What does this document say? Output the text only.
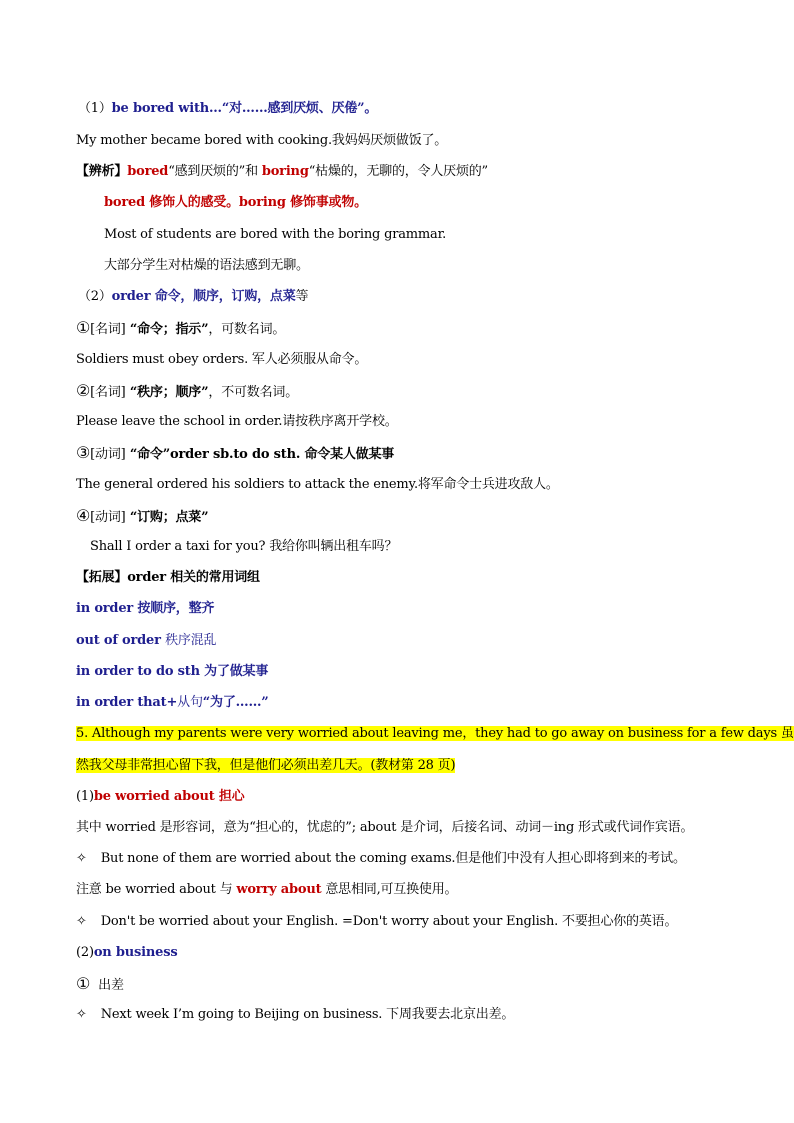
（1）be bored with…“对……感到厌烦、厌倦”。
My mother became bored with cooking.我妈妈厌烦做饭了。
【辨析】bored“感到厌烦的”和 boring“枯燥的，无聊的，令人厌烦的”
bored 修饰人的感受。boring 修饰事或物。
Most of students are bored with the boring grammar.
大部分学生对枯燥的语法感到无聊。
（2）order 命令，顺序，订购，点菜等
①[名词] “命令；指示”，可数名词。
Soldiers must obey orders. 军人必须服从命令。
②[名词] “秩序；顺序”，不可数名词。
Please leave the school in order.请按秩序离开学校。
③[动词] “命令”order sb.to do sth. 命令某人做某事
The general ordered his soldiers to attack the enemy.将军命令士兵进攻敌人。
④[动词] “订购；点菜”
Shall I order a taxi for you? 我给你叫辆出租车吗？
【拓展】order 相关的常用词组
in order 按顺序，整齐
out of order 秩序混乱
in order to do sth 为了做某事
in order that+从句“为了……”
5. Although my parents were very worried about leaving me，they had to go away on business for a few days 虽
然我父母非常担心留下我，但是他们必须出差几天。(教材第 28 页)
(1)be worried about 担心
其中 worried 是形容词，意为“担心的，忧虑的”; about 是介词，后接名词、动词－ing 形式或代词作宾语。
✧ But none of them are worried about the coming exams.但是他们中没有人担心即将到来的考试。
注意 be worried about 与 worry about 意思相同,可互换使用。
✧ Don't be worried about your English. =Don't worry about your English. 不要担心你的英语。
(2)on business
① 出差
✧ Next week I’m going to Beijing on business. 下周我要去北京出差。
